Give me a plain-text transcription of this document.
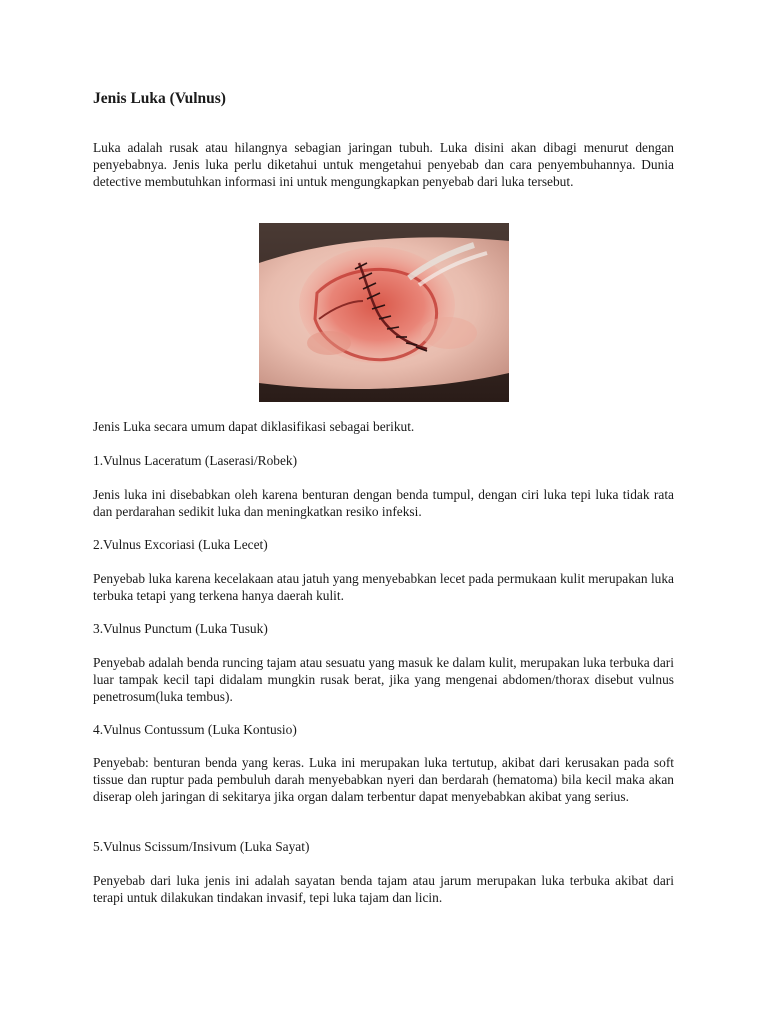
Jenis Luka (Vulnus)

Luka adalah rusak atau hilangnya sebagian jaringan tubuh. Luka disini akan dibagi menurut dengan penyebabnya. Jenis luka perlu diketahui untuk mengetahui penyebab dan cara penyembuhannya. Dunia detective membutuhkan informasi ini untuk mengungkapkan penyebab dari luka tersebut.

Jenis Luka secara umum dapat diklasifikasi sebagai berikut.

1.Vulnus Laceratum (Laserasi/Robek)

Jenis luka ini disebabkan oleh karena benturan dengan benda tumpul, dengan ciri luka tepi luka tidak rata dan perdarahan sedikit luka dan meningkatkan resiko infeksi.

2.Vulnus Excoriasi (Luka Lecet)

Penyebab luka karena kecelakaan atau jatuh yang menyebabkan lecet pada permukaan kulit merupakan luka terbuka tetapi yang terkena hanya daerah kulit.

3.Vulnus Punctum (Luka Tusuk)

Penyebab adalah benda runcing tajam atau sesuatu yang masuk ke dalam kulit, merupakan luka terbuka dari luar tampak kecil tapi didalam mungkin rusak berat, jika yang mengenai abdomen/thorax disebut vulnus penetrosum(luka tembus).

4.Vulnus Contussum (Luka Kontusio)

Penyebab: benturan benda yang keras. Luka ini merupakan luka tertutup, akibat dari kerusakan pada soft tissue dan ruptur pada pembuluh darah menyebabkan nyeri dan berdarah (hematoma) bila kecil maka akan diserap oleh jaringan di sekitarya jika organ dalam terbentur dapat menyebabkan akibat yang serius.

5.Vulnus Scissum/Insivum (Luka Sayat)

Penyebab dari luka jenis ini adalah sayatan benda tajam atau jarum merupakan luka terbuka akibat dari terapi untuk dilakukan tindakan invasif, tepi luka tajam dan licin.
